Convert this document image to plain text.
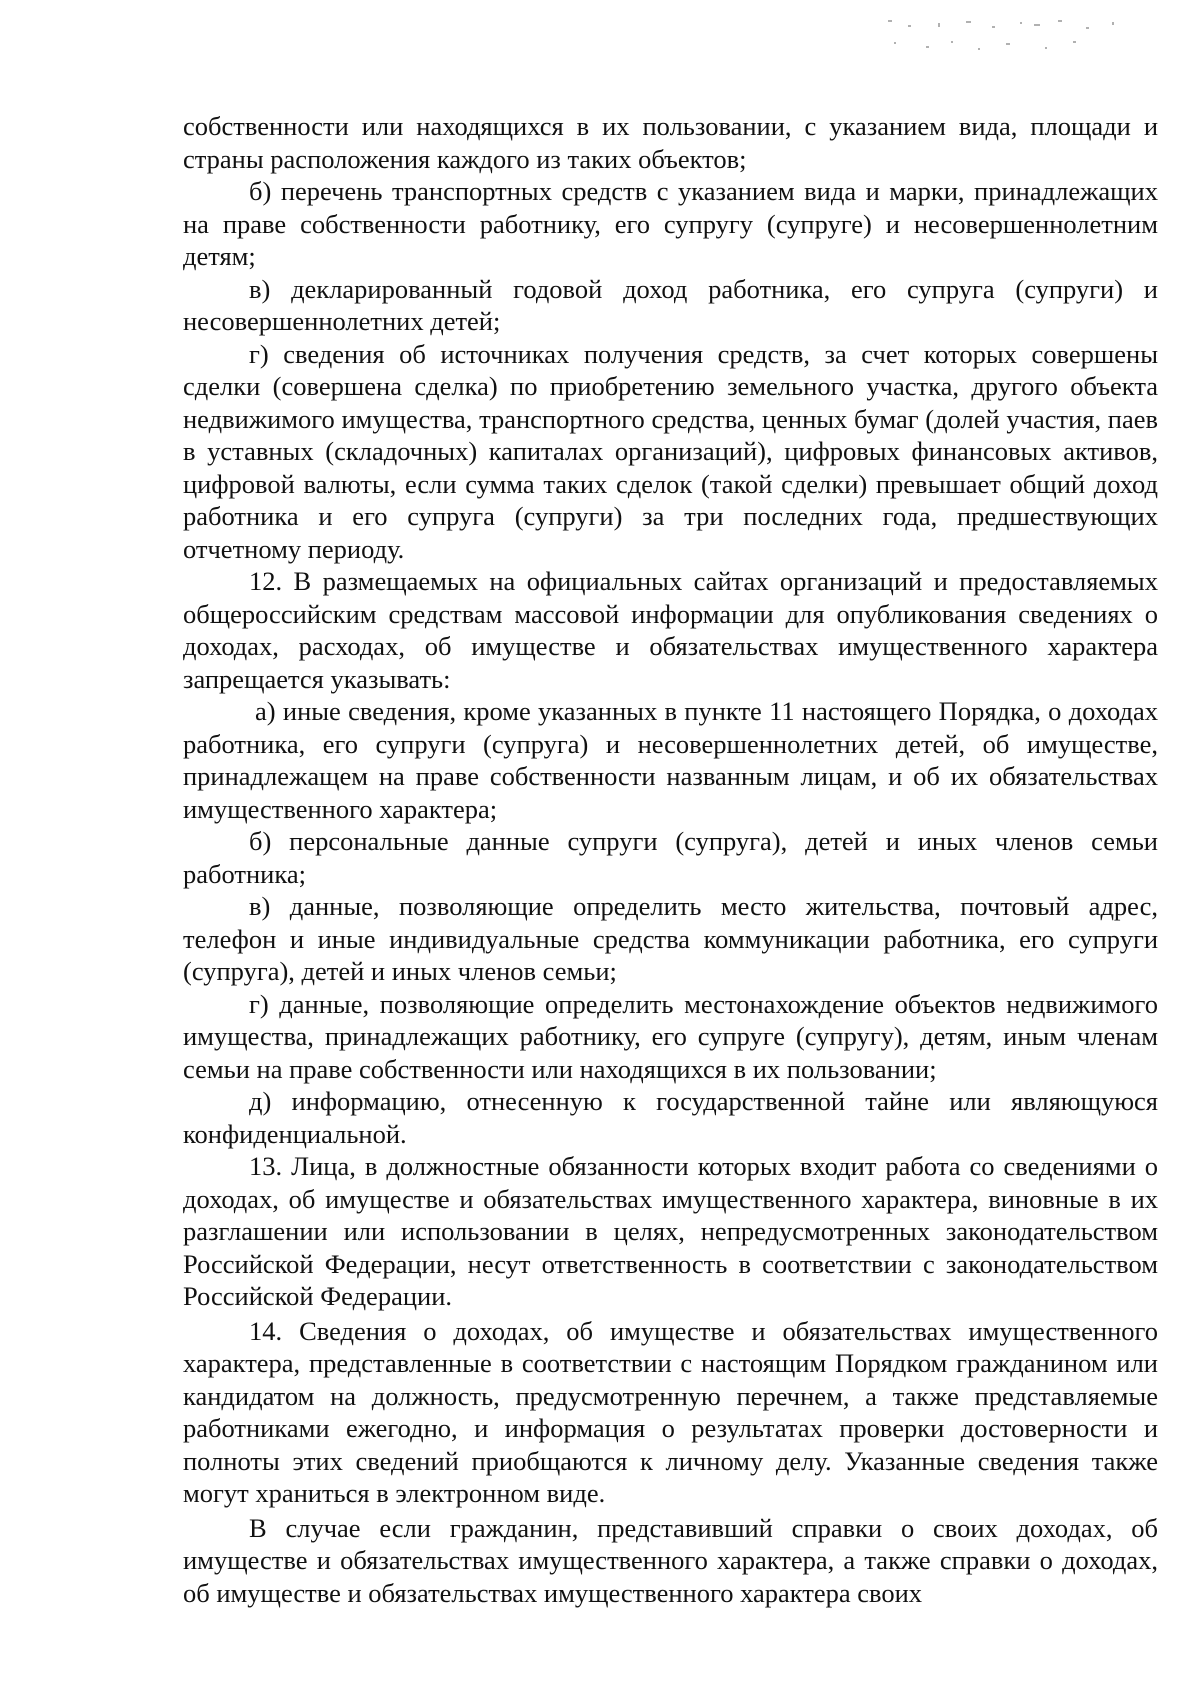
собственности или находящихся в их пользовании, с указанием вида, площади и страны расположения каждого из таких объектов;

б) перечень транспортных средств с указанием вида и марки, принадлежащих на праве собственности работнику, его супругу (супруге) и несовершеннолетним детям;

в) декларированный годовой доход работника, его супруга (супруги) и несовершеннолетних детей;

г) сведения об источниках получения средств, за счет которых совершены сделки (совершена сделка) по приобретению земельного участка, другого объекта недвижимого имущества, транспортного средства, ценных бумаг (долей участия, паев в уставных (складочных) капиталах организаций), цифровых финансовых активов, цифровой валюты, если сумма таких сделок (такой сделки) превышает общий доход работника и его супруга (супруги) за три последних года, предшествующих отчетному периоду.

12. В размещаемых на официальных сайтах организаций и предоставляемых общероссийским средствам массовой информации для опубликования сведениях о доходах, расходах, об имуществе и обязательствах имущественного характера запрещается указывать:

а) иные сведения, кроме указанных в пункте 11 настоящего Порядка, о доходах работника, его супруги (супруга) и несовершеннолетних детей, об имуществе, принадлежащем на праве собственности названным лицам, и об их обязательствах имущественного характера;

б) персональные данные супруги (супруга), детей и иных членов семьи работника;

в) данные, позволяющие определить место жительства, почтовый адрес, телефон и иные индивидуальные средства коммуникации работника, его супруги (супруга), детей и иных членов семьи;

г) данные, позволяющие определить местонахождение объектов недвижимого имущества, принадлежащих работнику, его супруге (супругу), детям, иным членам семьи на праве собственности или находящихся в их пользовании;

д) информацию, отнесенную к государственной тайне или являющуюся конфиденциальной.

13. Лица, в должностные обязанности которых входит работа со сведениями о доходах, об имуществе и обязательствах имущественного характера, виновные в их разглашении или использовании в целях, непредусмотренных законодательством Российской Федерации, несут ответственность в соответствии с законодательством Российской Федерации.

14. Сведения о доходах, об имуществе и обязательствах имущественного характера, представленные в соответствии с настоящим Порядком гражданином или кандидатом на должность, предусмотренную перечнем, а также представляемые работниками ежегодно, и информация о результатах проверки достоверности и полноты этих сведений приобщаются к личному делу. Указанные сведения также могут храниться в электронном виде.

В случае если гражданин, представивший справки о своих доходах, об имуществе и обязательствах имущественного характера, а также справки о доходах, об имуществе и обязательствах имущественного характера своих
